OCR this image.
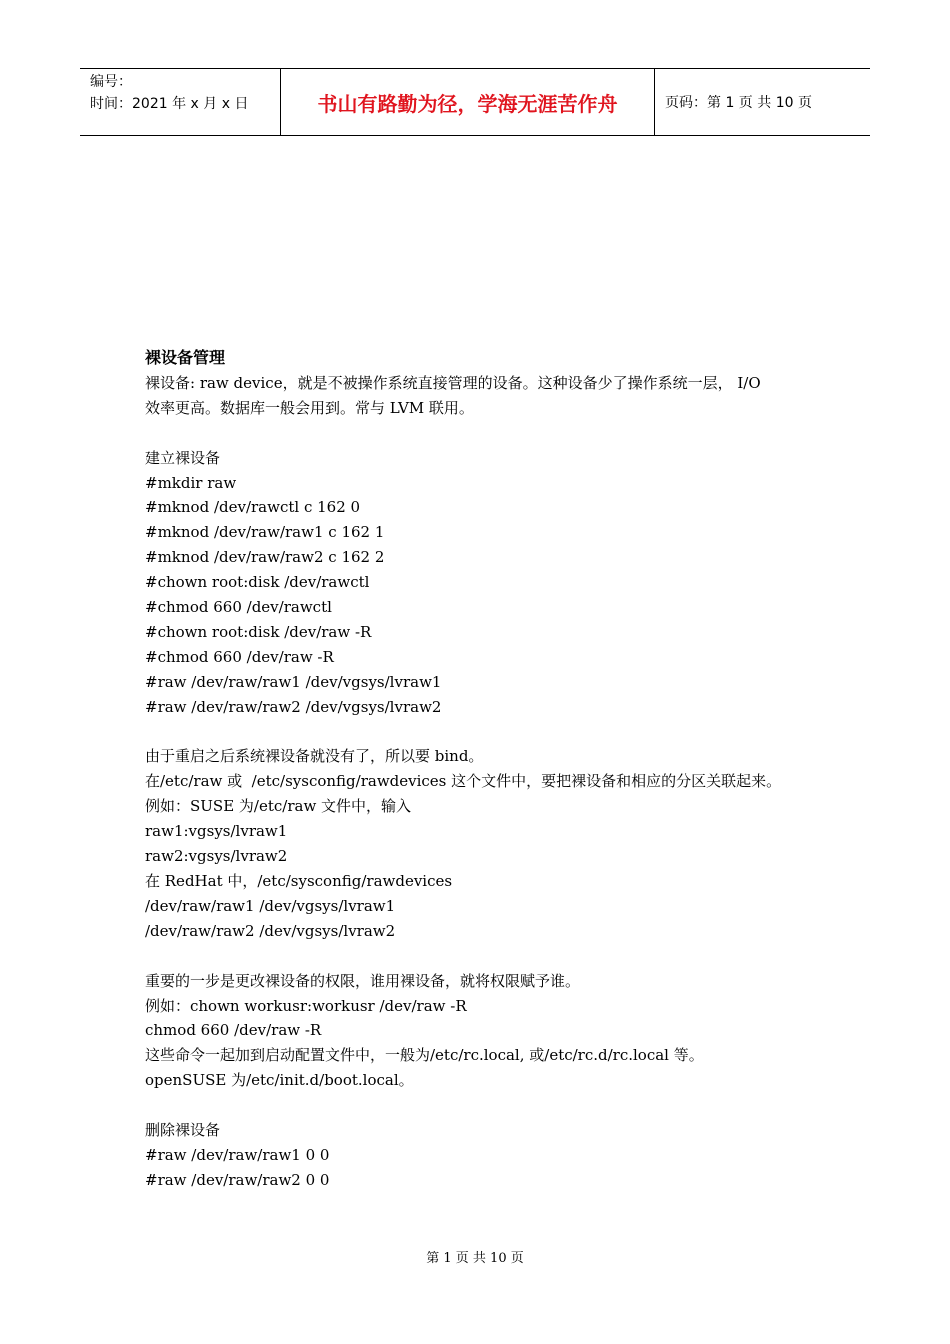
编号：
时间：2021 年 x 月 x 日	书山有路勤为径，学海无涯苦作舟	页码：第 1 页 共 10 页
裸设备管理
裸设备: raw device，就是不被操作系统直接管理的设备。这种设备少了操作系统一层， I/O
效率更高。数据库一般会用到。常与 LVM 联用。
建立裸设备
#mkdir raw
#mknod /dev/rawctl c 162 0
#mknod /dev/raw/raw1 c 162 1
#mknod /dev/raw/raw2 c 162 2
#chown root:disk /dev/rawctl
#chmod 660 /dev/rawctl
#chown root:disk /dev/raw -R
#chmod 660 /dev/raw -R
#raw /dev/raw/raw1 /dev/vgsys/lvraw1
#raw /dev/raw/raw2 /dev/vgsys/lvraw2
由于重启之后系统裸设备就没有了，所以要 bind。
在/etc/raw 或  /etc/sysconfig/rawdevices 这个文件中，要把裸设备和相应的分区关联起来。
例如：SUSE 为/etc/raw 文件中，输入
raw1:vgsys/lvraw1
raw2:vgsys/lvraw2
在 RedHat 中，/etc/sysconfig/rawdevices
/dev/raw/raw1 /dev/vgsys/lvraw1
/dev/raw/raw2 /dev/vgsys/lvraw2
重要的一步是更改裸设备的权限，谁用裸设备，就将权限赋予谁。
例如：chown workusr:workusr /dev/raw -R
chmod 660 /dev/raw -R
这些命令一起加到启动配置文件中，一般为/etc/rc.local, 或/etc/rc.d/rc.local 等。
openSUSE 为/etc/init.d/boot.local。
删除裸设备
#raw /dev/raw/raw1 0 0
#raw /dev/raw/raw2 0 0
第 1 页 共 10 页
